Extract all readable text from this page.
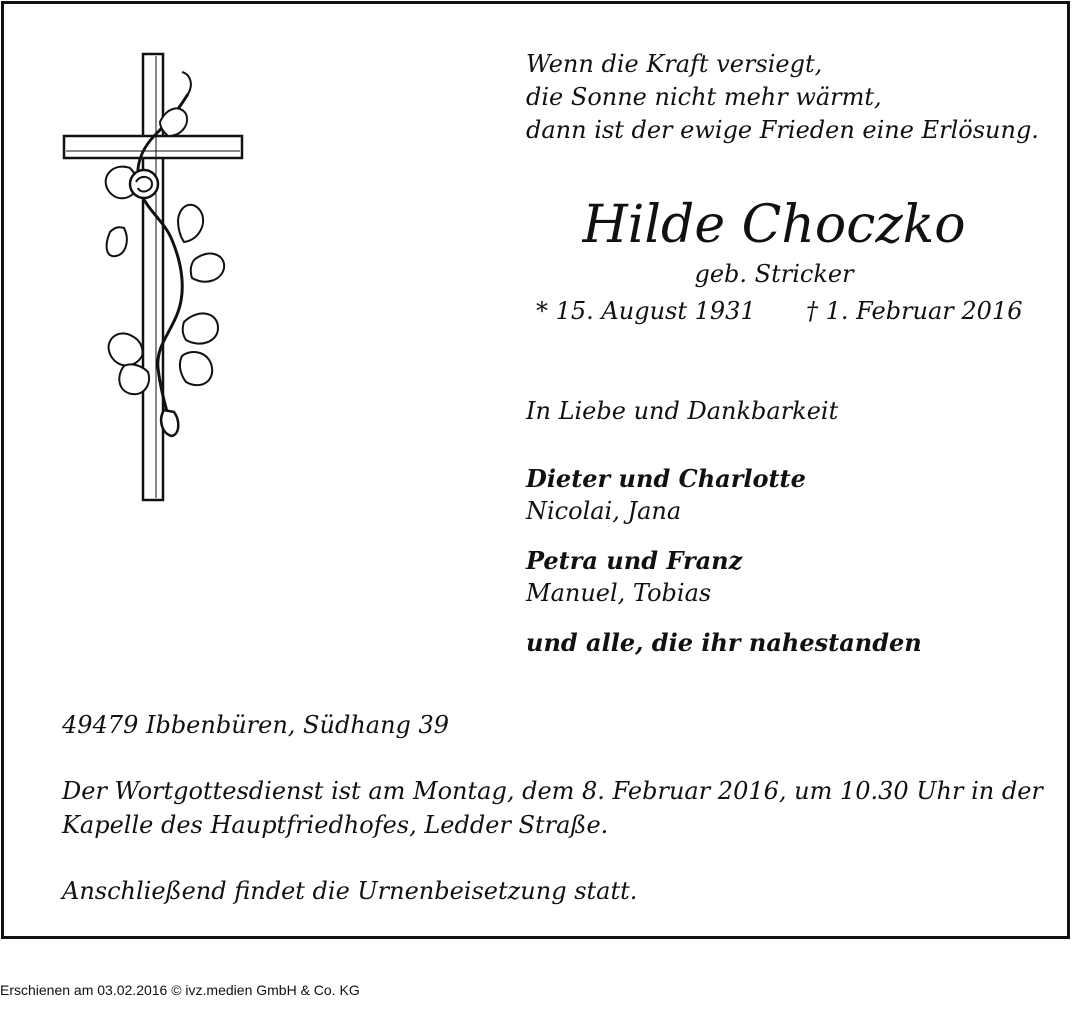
Wenn die Kraft versiegt,
die Sonne nicht mehr wärmt,
dann ist der ewige Frieden eine Erlösung.
Hilde Choczko
geb. Stricker
* 15. August 1931 † 1. Februar 2016
In Liebe und Dankbarkeit
Dieter und Charlotte
Nicolai, Jana
Petra und Franz
Manuel, Tobias
und alle, die ihr nahestanden
49479 Ibbenbüren, Südhang 39
Der Wortgottesdienst ist am Montag, dem 8. Februar 2016, um 10.30 Uhr in der
Kapelle des Hauptfriedhofes, Ledder Straße.
Anschließend findet die Urnenbeisetzung statt.
Erschienen am 03.02.2016 © ivz.medien GmbH & Co. KG
